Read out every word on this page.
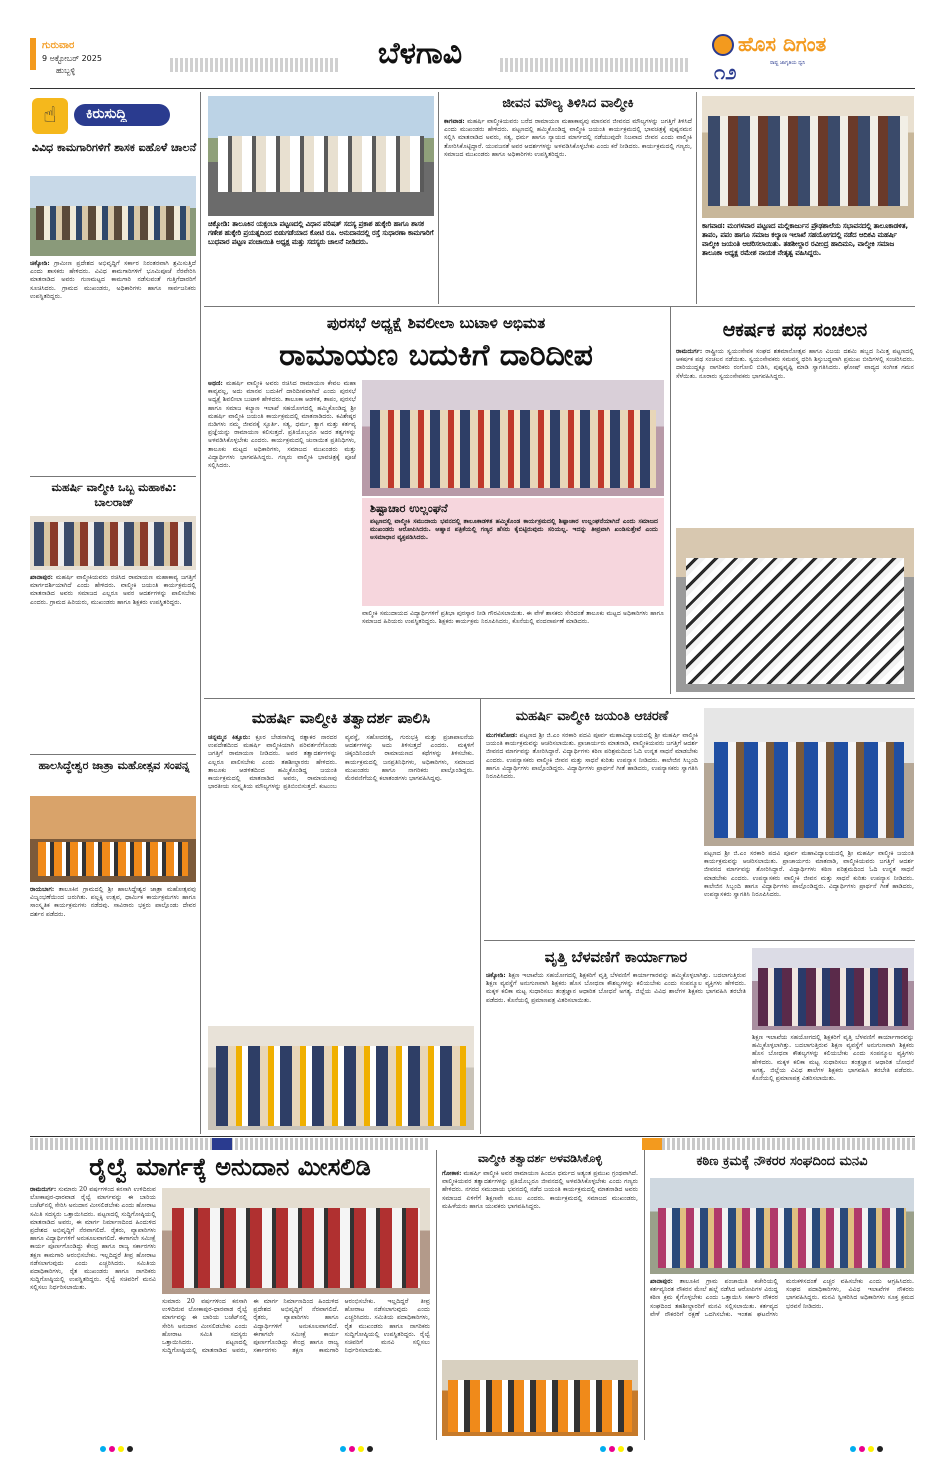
ಗುರುವಾರ
9 ಅಕ್ಟೋಬರ್ 2025
ಹುಬ್ಬಳ್ಳಿ	ಬೆಳಗಾವಿ	ಹೊಸ ದಿಗಂತ
ರಾಷ್ಟ್ರ ಜಾಗೃತಿಯ ಧ್ವನಿ
೧೨
☝	ಕಿರುಸುದ್ದಿ
ವಿವಿಧ ಕಾಮಗಾರಿಗಳಿಗೆ ಶಾಸಕ ಐಹೊಳೆ ಚಾಲನೆ
ಚಿಕ್ಕೋಡಿ: ಗ್ರಾಮೀಣ ಪ್ರದೇಶದ ಅಭಿವೃದ್ಧಿಗೆ ಸರ್ಕಾರ ನಿರಂತರವಾಗಿ ಶ್ರಮಿಸುತ್ತಿದೆ ಎಂದು ಶಾಸಕರು ಹೇಳಿದರು. ವಿವಿಧ ಕಾಮಗಾರಿಗಳಿಗೆ ಭೂಮಿಪೂಜೆ ನೆರವೇರಿಸಿ ಮಾತನಾಡಿದ ಅವರು ಗುಣಮಟ್ಟದ ಕಾಮಗಾರಿ ನಡೆಸುವಂತೆ ಗುತ್ತಿಗೆದಾರರಿಗೆ ಸೂಚಿಸಿದರು. ಗ್ರಾಮದ ಮುಖಂಡರು, ಅಧಿಕಾರಿಗಳು ಹಾಗೂ ಸಾರ್ವಜನಿಕರು ಉಪಸ್ಥಿತರಿದ್ದರು.
ಮಹರ್ಷಿ ವಾಲ್ಮೀಕಿ ಒಬ್ಬ ಮಹಾಕವಿ: ಬಾಲರಾಜ್
ಖಾನಾಪುರ: ಮಹರ್ಷಿ ವಾಲ್ಮೀಕಿಯವರು ರಚಿಸಿದ ರಾಮಾಯಣ ಮಹಾಕಾವ್ಯ ಜಗತ್ತಿಗೆ ಮಾರ್ಗದರ್ಶಿಯಾಗಿದೆ ಎಂದು ಹೇಳಿದರು. ವಾಲ್ಮೀಕಿ ಜಯಂತಿ ಕಾರ್ಯಕ್ರಮದಲ್ಲಿ ಮಾತನಾಡಿದ ಅವರು ಸಮಾಜದ ಎಲ್ಲರೂ ಅವರ ಆದರ್ಶಗಳನ್ನು ಪಾಲಿಸಬೇಕು ಎಂದರು. ಗ್ರಾಮದ ಹಿರಿಯರು, ಮುಖಂಡರು ಹಾಗೂ ಶಿಕ್ಷಕರು ಉಪಸ್ಥಿತರಿದ್ದರು.
ಹಾಲಸಿದ್ಧೇಶ್ವರ ಜಾತ್ರಾ ಮಹೋತ್ಸವ ಸಂಪನ್ನ
ರಾಯಬಾಗ: ತಾಲೂಕಿನ ಗ್ರಾಮದಲ್ಲಿ ಶ್ರೀ ಹಾಲಸಿದ್ಧೇಶ್ವರ ಜಾತ್ರಾ ಮಹೋತ್ಸವವು ವಿಜೃಂಭಣೆಯಿಂದ ಜರುಗಿತು. ಪಲ್ಲಕ್ಕಿ ಉತ್ಸವ, ಧಾರ್ಮಿಕ ಕಾರ್ಯಕ್ರಮಗಳು ಹಾಗೂ ಸಾಂಸ್ಕೃತಿಕ ಕಾರ್ಯಕ್ರಮಗಳು ನಡೆದವು. ಸಾವಿರಾರು ಭಕ್ತರು ಪಾಲ್ಗೊಂಡು ದೇವರ ದರ್ಶನ ಪಡೆದರು.
ಚಿಕ್ಕೋಡಿ: ತಾಲೂಕಿನ ಯಕ್ಸಂಬಾ ಪಟ್ಟಣದಲ್ಲಿ ವಿಧಾನ ಪರಿಷತ್ ಸದಸ್ಯ ಪ್ರಕಾಶ ಹುಕ್ಕೇರಿ ಹಾಗೂ ಶಾಸಕ ಗಣೇಶ ಹುಕ್ಕೇರಿ ಪ್ರಯತ್ನದಿಂದ ಬಿಡುಗಡೆಯಾದ ಕೋಟಿ ರೂ. ಅನುದಾನದಲ್ಲಿ ರಸ್ತೆ ಸುಧಾರಣಾ ಕಾಮಗಾರಿಗೆ ಬುಧವಾರ ಪಟ್ಟಣ ಪಂಚಾಯಿತಿ ಅಧ್ಯಕ್ಷ ಮತ್ತು ಸದಸ್ಯರು ಚಾಲನೆ ನೀಡಿದರು.
ಜೀವನ ಮೌಲ್ಯ ತಿಳಿಸಿದ ವಾಲ್ಮೀಕಿ
ಕಾಗವಾಡ: ಮಹರ್ಷಿ ವಾಲ್ಮೀಕಿಯವರು ಬರೆದ ರಾಮಾಯಣ ಮಹಾಕಾವ್ಯವು ಮಾನವನ ಜೀವನದ ಮೌಲ್ಯಗಳನ್ನು ಜಗತ್ತಿಗೆ ತಿಳಿಸಿದೆ ಎಂದು ಮುಖಂಡರು ಹೇಳಿದರು. ಪಟ್ಟಣದಲ್ಲಿ ಹಮ್ಮಿಕೊಂಡಿದ್ದ ವಾಲ್ಮೀಕಿ ಜಯಂತಿ ಕಾರ್ಯಕ್ರಮದಲ್ಲಿ ಭಾವಚಿತ್ರಕ್ಕೆ ಪುಷ್ಪನಮನ ಸಲ್ಲಿಸಿ ಮಾತನಾಡಿದ ಅವರು, ಸತ್ಯ, ಧರ್ಮ ಹಾಗೂ ನ್ಯಾಯದ ಮಾರ್ಗದಲ್ಲಿ ನಡೆಯುವುದೇ ನಿಜವಾದ ಜೀವನ ಎಂದು ವಾಲ್ಮೀಕಿ ತೋರಿಸಿಕೊಟ್ಟಿದ್ದಾರೆ. ಯುವಜನತೆ ಅವರ ಆದರ್ಶಗಳನ್ನು ಅಳವಡಿಸಿಕೊಳ್ಳಬೇಕು ಎಂದು ಕರೆ ನೀಡಿದರು. ಕಾರ್ಯಕ್ರಮದಲ್ಲಿ ಗಣ್ಯರು, ಸಮಾಜದ ಮುಖಂಡರು ಹಾಗೂ ಅಧಿಕಾರಿಗಳು ಉಪಸ್ಥಿತರಿದ್ದರು.
ಕಾಗವಾಡ: ಮಂಗಳವಾರ ಪಟ್ಟಣದ ಮಲ್ಲಿಕಾರ್ಜುನ ಪ್ರೌಢಶಾಲೆಯ ಸಭಾವನದಲ್ಲಿ ತಾಲೂಕಾಡಳಿತ, ತಾಪಂ, ಪಪಂ ಹಾಗೂ ಸಮಾಜ ಕಲ್ಯಾಣ ಇಲಾಖೆ ಸಹಯೋಗದಲ್ಲಿ ನಡೆದ ಆದಿಕವಿ ಮಹರ್ಷಿ ವಾಲ್ಮೀಕಿ ಜಯಂತಿ ಆಚರಿಸಲಾಯಿತು. ತಹಶೀಲ್ದಾರ ರವೀಂದ್ರ ಹಾದಿಮನಿ, ವಾಲ್ಮೀಕಿ ಸಮಾಜ ತಾಲೂಕಾ ಅಧ್ಯಕ್ಷ ರಮೇಶ ನಾಯಕ ನೇತೃತ್ವ ವಹಿಸಿದ್ದರು.
ಪುರಸಭೆ ಅಧ್ಯಕ್ಷೆ ಶಿವಲೀಲಾ ಬುಟಾಳಿ ಅಭಿಮತ
ರಾಮಾಯಣ ಬದುಕಿಗೆ ದಾರಿದೀಪ
ಅಥಣಿ: ಮಹರ್ಷಿ ವಾಲ್ಮೀಕಿ ಅವರು ರಚಿಸಿದ ರಾಮಾಯಣ ಕೇವಲ ಮಹಾ ಕಾವ್ಯವಲ್ಲ, ಅದು ಮಾನವ ಬದುಕಿಗೆ ದಾರಿದೀಪವಾಗಿದೆ ಎಂದು ಪುರಸಭೆ ಅಧ್ಯಕ್ಷೆ ಶಿವಲೀಲಾ ಬುಟಾಳಿ ಹೇಳಿದರು. ತಾಲೂಕಾ ಆಡಳಿತ, ತಾಪಂ, ಪುರಸಭೆ ಹಾಗೂ ಸಮಾಜ ಕಲ್ಯಾಣ ಇಲಾಖೆ ಸಹಯೋಗದಲ್ಲಿ ಹಮ್ಮಿಕೊಂಡಿದ್ದ ಶ್ರೀ ಮಹರ್ಷಿ ವಾಲ್ಮೀಕಿ ಜಯಂತಿ ಕಾರ್ಯಕ್ರಮದಲ್ಲಿ ಮಾತನಾಡಿದರು. ಕವಿಶೇಷ್ಠರ ನುಡಿಗಳು ನಮ್ಮ ಜೀವನಕ್ಕೆ ಸ್ಫೂರ್ತಿ. ಸತ್ಯ, ಧರ್ಮ, ತ್ಯಾಗ ಮತ್ತು ಕರ್ತವ್ಯ ಪ್ರಜ್ಞೆಯನ್ನು ರಾಮಾಯಣ ಕಲಿಸುತ್ತದೆ. ಪ್ರತಿಯೊಬ್ಬರೂ ಅದರ ತತ್ವಗಳನ್ನು ಅಳವಡಿಸಿಕೊಳ್ಳಬೇಕು ಎಂದರು. ಕಾರ್ಯಕ್ರಮದಲ್ಲಿ ಚುನಾಯಿತ ಪ್ರತಿನಿಧಿಗಳು, ತಾಲೂಕು ಮಟ್ಟದ ಅಧಿಕಾರಿಗಳು, ಸಮಾಜದ ಮುಖಂಡರು ಮತ್ತು ವಿದ್ಯಾರ್ಥಿಗಳು ಭಾಗವಹಿಸಿದ್ದರು. ಗಣ್ಯರು ವಾಲ್ಮೀಕಿ ಭಾವಚಿತ್ರಕ್ಕೆ ಪೂಜೆ ಸಲ್ಲಿಸಿದರು.
ಶಿಷ್ಟಾಚಾರ ಉಲ್ಲಂಘನೆ
ಪಟ್ಟಣದಲ್ಲಿ ವಾಲ್ಮೀಕಿ ಸಮುದಾಯ ಭವನದಲ್ಲಿ ತಾಲೂಕಾಡಳಿತ ಹಮ್ಮಿಕೊಂಡ ಕಾರ್ಯಕ್ರಮದಲ್ಲಿ ಶಿಷ್ಟಾಚಾರ ಉಲ್ಲಂಘನೆಯಾಗಿದೆ ಎಂದು ಸಮಾಜದ ಮುಖಂಡರು ಆರೋಪಿಸಿದರು. ಆಹ್ವಾನ ಪತ್ರಿಕೆಯಲ್ಲಿ ಗಣ್ಯರ ಹೆಸರು ಕೈಬಿಟ್ಟಿರುವುದು ಸರಿಯಲ್ಲ. ಇದನ್ನು ತೀವ್ರವಾಗಿ ಖಂಡಿಸುತ್ತೇವೆ ಎಂದು ಅಸಮಾಧಾನ ವ್ಯಕ್ತಪಡಿಸಿದರು.
ವಾಲ್ಮೀಕಿ ಸಮುದಾಯದ ವಿದ್ಯಾರ್ಥಿಗಳಿಗೆ ಪ್ರತಿಭಾ ಪುರಸ್ಕಾರ ನೀಡಿ ಗೌರವಿಸಲಾಯಿತು. ಈ ವೇಳೆ ಶಾಸಕರು ಸೇರಿದಂತೆ ತಾಲೂಕು ಮಟ್ಟದ ಅಧಿಕಾರಿಗಳು ಹಾಗೂ ಸಮಾಜದ ಹಿರಿಯರು ಉಪಸ್ಥಿತರಿದ್ದರು. ಶಿಕ್ಷಕರು ಕಾರ್ಯಕ್ರಮ ನಿರೂಪಿಸಿದರು, ಕೊನೆಯಲ್ಲಿ ವಂದನಾರ್ಪಣೆ ಮಾಡಿದರು.
ಆಕರ್ಷಕ ಪಥ ಸಂಚಲನ
ರಾಮದುರ್ಗ: ರಾಷ್ಟ್ರೀಯ ಸ್ವಯಂಸೇವಕ ಸಂಘದ ಶತಮಾನೋತ್ಸವ ಹಾಗೂ ವಿಜಯ ದಶಮಿ ಹಬ್ಬದ ನಿಮಿತ್ತ ಪಟ್ಟಣದಲ್ಲಿ ಆಕರ್ಷಕ ಪಥ ಸಂಚಲನ ನಡೆಯಿತು. ಸ್ವಯಂಸೇವಕರು ಸಮವಸ್ತ್ರ ಧರಿಸಿ ಶಿಸ್ತುಬದ್ಧವಾಗಿ ಪ್ರಮುಖ ಬೀದಿಗಳಲ್ಲಿ ಸಂಚರಿಸಿದರು. ದಾರಿಯುದ್ದಕ್ಕೂ ನಾಗರಿಕರು ರಂಗೋಲಿ ಬಿಡಿಸಿ, ಪುಷ್ಪವೃಷ್ಟಿ ಮಾಡಿ ಸ್ವಾಗತಿಸಿದರು. ಘೋಷ್ ವಾದ್ಯದ ಸಂಗೀತ ಗಮನ ಸೆಳೆಯಿತು. ನೂರಾರು ಸ್ವಯಂಸೇವಕರು ಭಾಗವಹಿಸಿದ್ದರು.
ಮಹರ್ಷಿ ವಾಲ್ಮೀಕಿ ತತ್ವಾದರ್ಶ ಪಾಲಿಸಿ
ಚನ್ನಮ್ಮನ ಕಿತ್ತೂರು: ಕ್ರೂರ ಬೇಡನಾಗಿದ್ದ ರತ್ನಾಕರ ನಾರದರ ಉಪದೇಶದಿಂದ ಮಹರ್ಷಿ ವಾಲ್ಮೀಕಿಯಾಗಿ ಪರಿವರ್ತನೆಗೊಂಡು ಜಗತ್ತಿಗೆ ರಾಮಾಯಣ ನೀಡಿದರು. ಅವರ ತತ್ವಾದರ್ಶಗಳನ್ನು ಎಲ್ಲರೂ ಪಾಲಿಸಬೇಕು ಎಂದು ತಹಶೀಲ್ದಾರರು ಹೇಳಿದರು. ತಾಲೂಕು ಆಡಳಿತದಿಂದ ಹಮ್ಮಿಕೊಂಡಿದ್ದ ಜಯಂತಿ ಕಾರ್ಯಕ್ರಮದಲ್ಲಿ ಮಾತನಾಡಿದ ಅವರು, ರಾಮಾಯಣವು ಭಾರತೀಯ ಸಂಸ್ಕೃತಿಯ ಮೌಲ್ಯಗಳನ್ನು ಪ್ರತಿಬಿಂಬಿಸುತ್ತದೆ. ಕುಟುಂಬ ವ್ಯವಸ್ಥೆ, ಸಹೋದರತ್ವ, ಗುರುಭಕ್ತಿ ಮತ್ತು ಪ್ರಜಾಪಾಲನೆಯ ಆದರ್ಶಗಳನ್ನು ಅದು ತಿಳಿಸುತ್ತದೆ ಎಂದರು. ಮಕ್ಕಳಿಗೆ ಚಿಕ್ಕಂದಿನಿಂದಲೇ ರಾಮಾಯಣದ ಕಥೆಗಳನ್ನು ತಿಳಿಸಬೇಕು. ಕಾರ್ಯಕ್ರಮದಲ್ಲಿ ಜನಪ್ರತಿನಿಧಿಗಳು, ಅಧಿಕಾರಿಗಳು, ಸಮಾಜದ ಮುಖಂಡರು ಹಾಗೂ ನಾಗರಿಕರು ಪಾಲ್ಗೊಂಡಿದ್ದರು. ಮೆರವಣಿಗೆಯಲ್ಲಿ ಕಲಾತಂಡಗಳು ಭಾಗವಹಿಸಿದ್ದವು.
ಮಹರ್ಷಿ ವಾಲ್ಮೀಕಿ ಜಯಂತಿ ಆಚರಣೆ
ಮುಗಳಖೋಡ: ಪಟ್ಟಣದ ಶ್ರೀ ಜಿ.ಎಂ ಸರಕಾರಿ ಪದವಿ ಪೂರ್ವ ಮಹಾವಿದ್ಯಾಲಯದಲ್ಲಿ ಶ್ರೀ ಮಹರ್ಷಿ ವಾಲ್ಮೀಕಿ ಜಯಂತಿ ಕಾರ್ಯಕ್ರಮವನ್ನು ಆಚರಿಸಲಾಯಿತು. ಪ್ರಾಚಾರ್ಯರು ಮಾತನಾಡಿ, ವಾಲ್ಮೀಕಿಯವರು ಜಗತ್ತಿಗೆ ಆದರ್ಶ ಜೀವನದ ಮಾರ್ಗವನ್ನು ತೋರಿಸಿದ್ದಾರೆ. ವಿದ್ಯಾರ್ಥಿಗಳು ಕಠಿಣ ಪರಿಶ್ರಮದಿಂದ ಓದಿ ಉನ್ನತ ಸಾಧನೆ ಮಾಡಬೇಕು ಎಂದರು. ಉಪನ್ಯಾಸಕರು ವಾಲ್ಮೀಕಿ ಜೀವನ ಮತ್ತು ಸಾಧನೆ ಕುರಿತು ಉಪನ್ಯಾಸ ನೀಡಿದರು. ಕಾಲೇಜಿನ ಸಿಬ್ಬಂದಿ ಹಾಗೂ ವಿದ್ಯಾರ್ಥಿಗಳು ಪಾಲ್ಗೊಂಡಿದ್ದರು. ವಿದ್ಯಾರ್ಥಿಗಳು ಪ್ರಾರ್ಥನೆ ಗೀತೆ ಹಾಡಿದರು, ಉಪನ್ಯಾಸಕರು ಸ್ವಾಗತಿಸಿ ನಿರೂಪಿಸಿದರು.
ಪಟ್ಟಣದ ಶ್ರೀ ಜಿ.ಎಂ ಸರಕಾರಿ ಪದವಿ ಪೂರ್ವ ಮಹಾವಿದ್ಯಾಲಯದಲ್ಲಿ ಶ್ರೀ ಮಹರ್ಷಿ ವಾಲ್ಮೀಕಿ ಜಯಂತಿ ಕಾರ್ಯಕ್ರಮವನ್ನು ಆಚರಿಸಲಾಯಿತು. ಪ್ರಾಚಾರ್ಯರು ಮಾತನಾಡಿ, ವಾಲ್ಮೀಕಿಯವರು ಜಗತ್ತಿಗೆ ಆದರ್ಶ ಜೀವನದ ಮಾರ್ಗವನ್ನು ತೋರಿಸಿದ್ದಾರೆ. ವಿದ್ಯಾರ್ಥಿಗಳು ಕಠಿಣ ಪರಿಶ್ರಮದಿಂದ ಓದಿ ಉನ್ನತ ಸಾಧನೆ ಮಾಡಬೇಕು ಎಂದರು. ಉಪನ್ಯಾಸಕರು ವಾಲ್ಮೀಕಿ ಜೀವನ ಮತ್ತು ಸಾಧನೆ ಕುರಿತು ಉಪನ್ಯಾಸ ನೀಡಿದರು. ಕಾಲೇಜಿನ ಸಿಬ್ಬಂದಿ ಹಾಗೂ ವಿದ್ಯಾರ್ಥಿಗಳು ಪಾಲ್ಗೊಂಡಿದ್ದರು. ವಿದ್ಯಾರ್ಥಿಗಳು ಪ್ರಾರ್ಥನೆ ಗೀತೆ ಹಾಡಿದರು, ಉಪನ್ಯಾಸಕರು ಸ್ವಾಗತಿಸಿ ನಿರೂಪಿಸಿದರು.
ವೃತ್ತಿ ಬೆಳವಣಿಗೆ ಕಾರ್ಯಾಗಾರ
ಚಿಕ್ಕೋಡಿ: ಶಿಕ್ಷಣ ಇಲಾಖೆಯ ಸಹಯೋಗದಲ್ಲಿ ಶಿಕ್ಷಕರಿಗೆ ವೃತ್ತಿ ಬೆಳವಣಿಗೆ ಕಾರ್ಯಾಗಾರವನ್ನು ಹಮ್ಮಿಕೊಳ್ಳಲಾಗಿತ್ತು. ಬದಲಾಗುತ್ತಿರುವ ಶಿಕ್ಷಣ ವ್ಯವಸ್ಥೆಗೆ ಅನುಗುಣವಾಗಿ ಶಿಕ್ಷಕರು ಹೊಸ ಬೋಧನಾ ಕೌಶಲ್ಯಗಳನ್ನು ಕಲಿಯಬೇಕು ಎಂದು ಸಂಪನ್ಮೂಲ ವ್ಯಕ್ತಿಗಳು ಹೇಳಿದರು. ಮಕ್ಕಳ ಕಲಿಕಾ ಮಟ್ಟ ಸುಧಾರಿಸಲು ತಂತ್ರಜ್ಞಾನ ಆಧಾರಿತ ಬೋಧನೆ ಅಗತ್ಯ. ಜಿಲ್ಲೆಯ ವಿವಿಧ ಶಾಲೆಗಳ ಶಿಕ್ಷಕರು ಭಾಗವಹಿಸಿ ತರಬೇತಿ ಪಡೆದರು. ಕೊನೆಯಲ್ಲಿ ಪ್ರಮಾಣಪತ್ರ ವಿತರಿಸಲಾಯಿತು.
ಶಿಕ್ಷಣ ಇಲಾಖೆಯ ಸಹಯೋಗದಲ್ಲಿ ಶಿಕ್ಷಕರಿಗೆ ವೃತ್ತಿ ಬೆಳವಣಿಗೆ ಕಾರ್ಯಾಗಾರವನ್ನು ಹಮ್ಮಿಕೊಳ್ಳಲಾಗಿತ್ತು. ಬದಲಾಗುತ್ತಿರುವ ಶಿಕ್ಷಣ ವ್ಯವಸ್ಥೆಗೆ ಅನುಗುಣವಾಗಿ ಶಿಕ್ಷಕರು ಹೊಸ ಬೋಧನಾ ಕೌಶಲ್ಯಗಳನ್ನು ಕಲಿಯಬೇಕು ಎಂದು ಸಂಪನ್ಮೂಲ ವ್ಯಕ್ತಿಗಳು ಹೇಳಿದರು. ಮಕ್ಕಳ ಕಲಿಕಾ ಮಟ್ಟ ಸುಧಾರಿಸಲು ತಂತ್ರಜ್ಞಾನ ಆಧಾರಿತ ಬೋಧನೆ ಅಗತ್ಯ. ಜಿಲ್ಲೆಯ ವಿವಿಧ ಶಾಲೆಗಳ ಶಿಕ್ಷಕರು ಭಾಗವಹಿಸಿ ತರಬೇತಿ ಪಡೆದರು. ಕೊನೆಯಲ್ಲಿ ಪ್ರಮಾಣಪತ್ರ ವಿತರಿಸಲಾಯಿತು.
ರೈಲ್ವೆ ಮಾರ್ಗಕ್ಕೆ ಅನುದಾನ ಮೀಸಲಿಡಿ
ರಾಮದುರ್ಗ: ಸುಮಾರು 20 ವರ್ಷಗಳಿಂದ ಕನಸಾಗಿ ಉಳಿದಿರುವ ಲೋಕಾಪುರ-ಧಾರವಾಡ ರೈಲ್ವೆ ಮಾರ್ಗವನ್ನು ಈ ಬಾರಿಯ ಬಜೆಟ್‌ನಲ್ಲಿ ಸೇರಿಸಿ ಅನುದಾನ ಮೀಸಲಿಡಬೇಕು ಎಂದು ಹೋರಾಟ ಸಮಿತಿ ಸದಸ್ಯರು ಒತ್ತಾಯಿಸಿದರು. ಪಟ್ಟಣದಲ್ಲಿ ಸುದ್ದಿಗೋಷ್ಠಿಯಲ್ಲಿ ಮಾತನಾಡಿದ ಅವರು, ಈ ಮಾರ್ಗ ನಿರ್ಮಾಣದಿಂದ ಹಿಂದುಳಿದ ಪ್ರದೇಶದ ಅಭಿವೃದ್ಧಿಗೆ ನೆರವಾಗಲಿದೆ. ರೈತರು, ವ್ಯಾಪಾರಿಗಳು ಹಾಗೂ ವಿದ್ಯಾರ್ಥಿಗಳಿಗೆ ಅನುಕೂಲವಾಗಲಿದೆ. ಈಗಾಗಲೇ ಸಮೀಕ್ಷೆ ಕಾರ್ಯ ಪೂರ್ಣಗೊಂಡಿದ್ದು ಕೇಂದ್ರ ಹಾಗೂ ರಾಜ್ಯ ಸರ್ಕಾರಗಳು ತಕ್ಷಣ ಕಾಮಗಾರಿ ಆರಂಭಿಸಬೇಕು. ಇಲ್ಲದಿದ್ದರೆ ತೀವ್ರ ಹೋರಾಟ ನಡೆಸಲಾಗುವುದು ಎಂದು ಎಚ್ಚರಿಸಿದರು. ಸಮಿತಿಯ ಪದಾಧಿಕಾರಿಗಳು, ರೈತ ಮುಖಂಡರು ಹಾಗೂ ನಾಗರಿಕರು ಸುದ್ದಿಗೋಷ್ಠಿಯಲ್ಲಿ ಉಪಸ್ಥಿತರಿದ್ದರು. ರೈಲ್ವೆ ಸಚಿವರಿಗೆ ಮನವಿ ಸಲ್ಲಿಸಲು ನಿರ್ಧರಿಸಲಾಯಿತು.
ಸುಮಾರು 20 ವರ್ಷಗಳಿಂದ ಕನಸಾಗಿ ಉಳಿದಿರುವ ಲೋಕಾಪುರ-ಧಾರವಾಡ ರೈಲ್ವೆ ಮಾರ್ಗವನ್ನು ಈ ಬಾರಿಯ ಬಜೆಟ್‌ನಲ್ಲಿ ಸೇರಿಸಿ ಅನುದಾನ ಮೀಸಲಿಡಬೇಕು ಎಂದು ಹೋರಾಟ ಸಮಿತಿ ಸದಸ್ಯರು ಒತ್ತಾಯಿಸಿದರು. ಪಟ್ಟಣದಲ್ಲಿ ಸುದ್ದಿಗೋಷ್ಠಿಯಲ್ಲಿ ಮಾತನಾಡಿದ ಅವರು, ಈ ಮಾರ್ಗ ನಿರ್ಮಾಣದಿಂದ ಹಿಂದುಳಿದ ಪ್ರದೇಶದ ಅಭಿವೃದ್ಧಿಗೆ ನೆರವಾಗಲಿದೆ. ರೈತರು, ವ್ಯಾಪಾರಿಗಳು ಹಾಗೂ ವಿದ್ಯಾರ್ಥಿಗಳಿಗೆ ಅನುಕೂಲವಾಗಲಿದೆ. ಈಗಾಗಲೇ ಸಮೀಕ್ಷೆ ಕಾರ್ಯ ಪೂರ್ಣಗೊಂಡಿದ್ದು ಕೇಂದ್ರ ಹಾಗೂ ರಾಜ್ಯ ಸರ್ಕಾರಗಳು ತಕ್ಷಣ ಕಾಮಗಾರಿ ಆರಂಭಿಸಬೇಕು. ಇಲ್ಲದಿದ್ದರೆ ತೀವ್ರ ಹೋರಾಟ ನಡೆಸಲಾಗುವುದು ಎಂದು ಎಚ್ಚರಿಸಿದರು. ಸಮಿತಿಯ ಪದಾಧಿಕಾರಿಗಳು, ರೈತ ಮುಖಂಡರು ಹಾಗೂ ನಾಗರಿಕರು ಸುದ್ದಿಗೋಷ್ಠಿಯಲ್ಲಿ ಉಪಸ್ಥಿತರಿದ್ದರು. ರೈಲ್ವೆ ಸಚಿವರಿಗೆ ಮನವಿ ಸಲ್ಲಿಸಲು ನಿರ್ಧರಿಸಲಾಯಿತು.
ವಾಲ್ಮೀಕಿ ತತ್ವಾದರ್ಶ ಅಳವಡಿಸಿಕೊಳ್ಳಿ
ಗೋಕಾಕ: ಮಹರ್ಷಿ ವಾಲ್ಮೀಕಿ ಅವರ ರಾಮಾಯಣ ಹಿಂದೂ ಧರ್ಮದ ಅತ್ಯಂತ ಪ್ರಮುಖ ಗ್ರಂಥವಾಗಿದೆ. ವಾಲ್ಮೀಕಿಯವರ ತತ್ವಾದರ್ಶಗಳನ್ನು ಪ್ರತಿಯೊಬ್ಬರೂ ಜೀವನದಲ್ಲಿ ಅಳವಡಿಸಿಕೊಳ್ಳಬೇಕು ಎಂದು ಗಣ್ಯರು ಹೇಳಿದರು. ನಗರದ ಸಮುದಾಯ ಭವನದಲ್ಲಿ ನಡೆದ ಜಯಂತಿ ಕಾರ್ಯಕ್ರಮದಲ್ಲಿ ಮಾತನಾಡಿದ ಅವರು ಸಮಾಜದ ಏಳಿಗೆಗೆ ಶಿಕ್ಷಣವೇ ಮೂಲ ಎಂದರು. ಕಾರ್ಯಕ್ರಮದಲ್ಲಿ ಸಮಾಜದ ಮುಖಂಡರು, ಮಹಿಳೆಯರು ಹಾಗೂ ಯುವಕರು ಭಾಗವಹಿಸಿದ್ದರು.
ಕಠಿಣ ಕ್ರಮಕ್ಕೆ ನೌಕರರ ಸಂಘದಿಂದ ಮನವಿ
ಖಾನಾಪುರ: ತಾಲೂಕಿನ ಗ್ರಾಮ ಪಂಚಾಯಿತಿ ಕಚೇರಿಯಲ್ಲಿ ಕರ್ತವ್ಯನಿರತ ನೌಕರನ ಮೇಲೆ ಹಲ್ಲೆ ನಡೆಸಿದ ಆರೋಪಿಗಳ ವಿರುದ್ಧ ಕಠಿಣ ಕ್ರಮ ಕೈಗೊಳ್ಳಬೇಕು ಎಂದು ಒತ್ತಾಯಿಸಿ ಸರ್ಕಾರಿ ನೌಕರರ ಸಂಘದಿಂದ ತಹಶೀಲ್ದಾರರಿಗೆ ಮನವಿ ಸಲ್ಲಿಸಲಾಯಿತು. ಕರ್ತವ್ಯದ ವೇಳೆ ನೌಕರರಿಗೆ ರಕ್ಷಣೆ ಒದಗಿಸಬೇಕು. ಇಂತಹ ಘಟನೆಗಳು ಮರುಕಳಿಸದಂತೆ ಎಚ್ಚರ ವಹಿಸಬೇಕು ಎಂದು ಆಗ್ರಹಿಸಿದರು. ಸಂಘದ ಪದಾಧಿಕಾರಿಗಳು, ವಿವಿಧ ಇಲಾಖೆಗಳ ನೌಕರರು ಭಾಗವಹಿಸಿದ್ದರು. ಮನವಿ ಸ್ವೀಕರಿಸಿದ ಅಧಿಕಾರಿಗಳು ಸೂಕ್ತ ಕ್ರಮದ ಭರವಸೆ ನೀಡಿದರು.
